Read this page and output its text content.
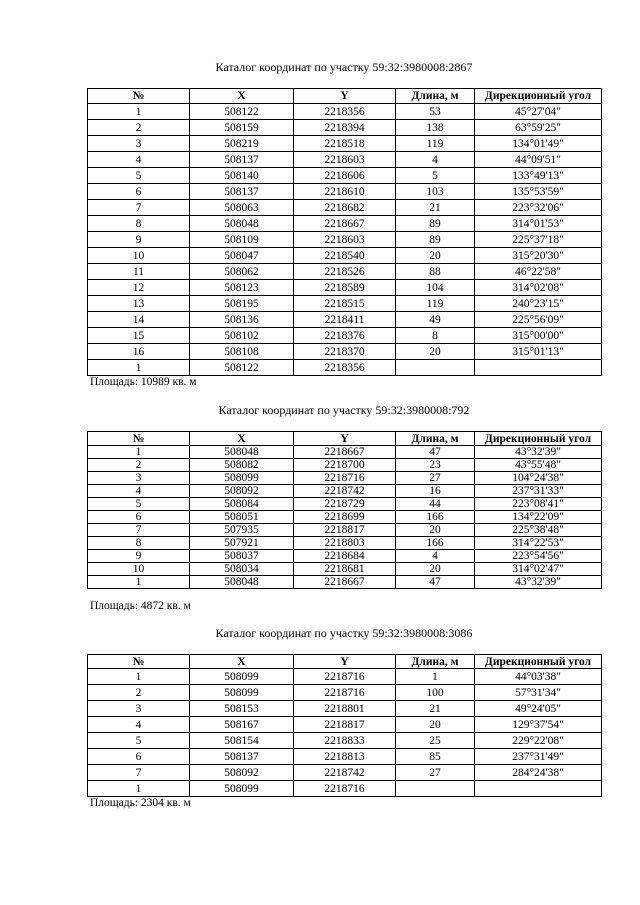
Каталог координат по участку 59:32:3980008:2867
№	X	Y	Длина, м	Дирекционный угол
1	508122	2218356	53	45°27'04"
2	508159	2218394	138	63°59'25"
3	508219	2218518	119	134°01'49"
4	508137	2218603	4	44°09'51"
5	508140	2218606	5	133°49'13"
6	508137	2218610	103	135°53'59"
7	508063	2218682	21	223°32'06"
8	508048	2218667	89	314°01'53"
9	508109	2218603	89	225°37'18"
10	508047	2218540	20	315°20'30"
11	508062	2218526	88	46°22'58"
12	508123	2218589	104	314°02'08"
13	508195	2218515	119	240°23'15"
14	508136	2218411	49	225°56'09"
15	508102	2218376	8	315°00'00"
16	508108	2218370	20	315°01'13"
1	508122	2218356		
Площадь: 10989 кв. м
Каталог координат по участку 59:32:3980008:792
№	X	Y	Длина, м	Дирекционный угол
1	508048	2218667	47	43°32'39"
2	508082	2218700	23	43°55'48"
3	508099	2218716	27	104°24'38"
4	508092	2218742	16	237°31'33"
5	508084	2218729	44	223°08'41"
6	508051	2218699	166	134°22'09"
7	507935	2218817	20	225°38'48"
8	507921	2218803	166	314°22'53"
9	508037	2218684	4	223°54'56"
10	508034	2218681	20	314°02'47"
1	508048	2218667	47	43°32'39"
Площадь: 4872 кв. м
Каталог координат по участку 59:32:3980008:3086
№	X	Y	Длина, м	Дирекционный угол
1	508099	2218716	1	44°03'38"
2	508099	2218716	100	57°31'34"
3	508153	2218801	21	49°24'05"
4	508167	2218817	20	129°37'54"
5	508154	2218833	25	229°22'08"
6	508137	2218813	85	237°31'49"
7	508092	2218742	27	284°24'38"
1	508099	2218716		
Площадь: 2304 кв. м
